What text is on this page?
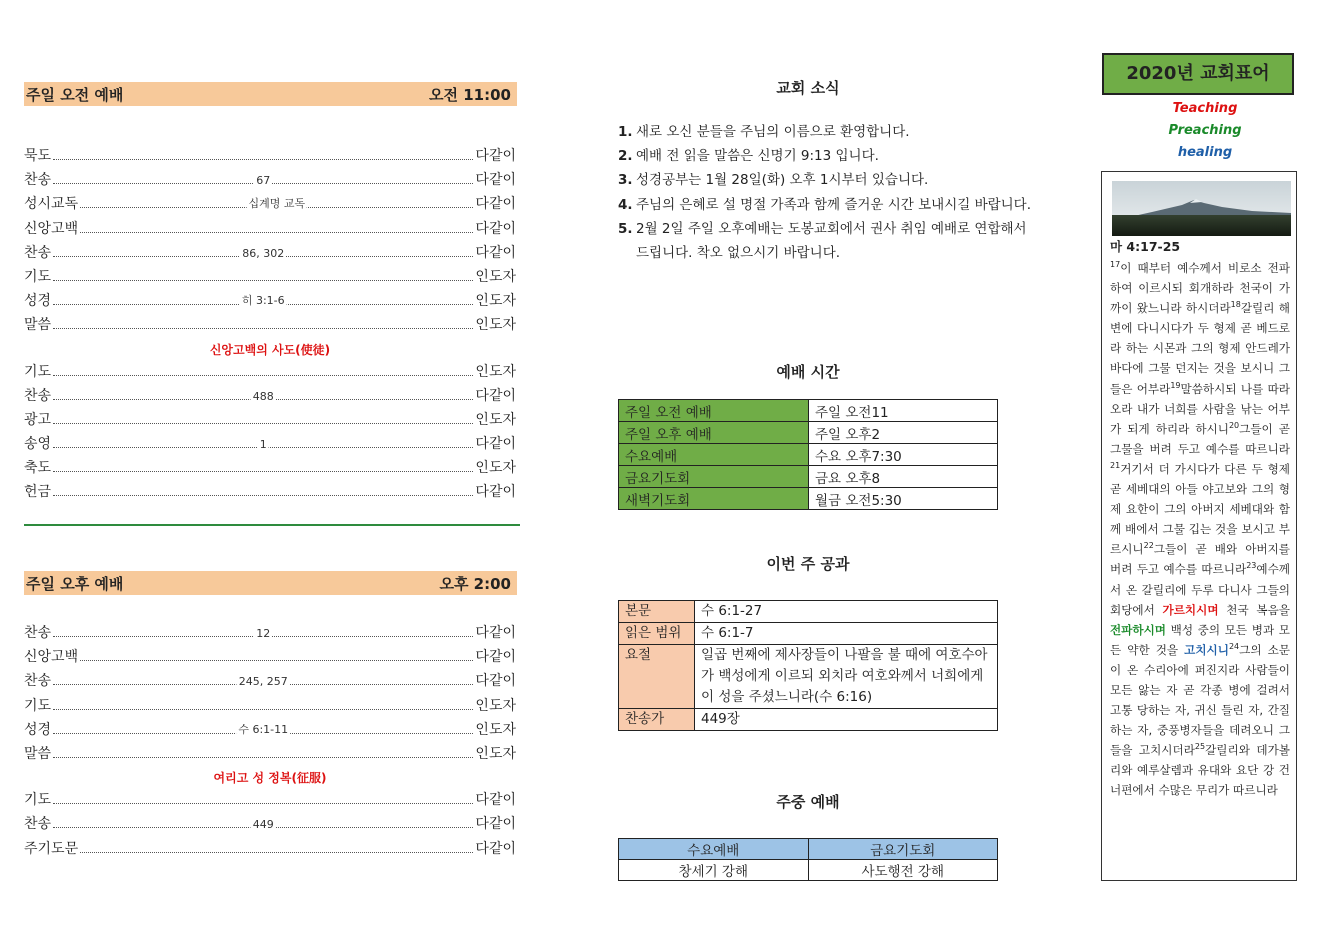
주일 오전 예배	오전 11:00
묵도	다같이
찬송	67	다같이
성시교독	십계명 교독	다같이
신앙고백	다같이
찬송	86, 302	다같이
기도	인도자
성경	히 3:1-6	인도자
말씀	인도자
신앙고백의 사도(使徒)
기도	인도자
찬송	488	다같이
광고	인도자
송영	1	다같이
축도	인도자
헌금	다같이
주일 오후 예배	오후 2:00
찬송	12	다같이
신앙고백	다같이
찬송	245, 257	다같이
기도	인도자
성경	수 6:1-11	인도자
말씀	인도자
여리고 성 정복(征服)
기도	다같이
찬송	449	다같이
주기도문	다같이
교회 소식
1. 새로 오신 분들을 주님의 이름으로 환영합니다.
2. 예배 전 읽을 말씀은 신명기 9:13 입니다.
3. 성경공부는 1월 28일(화) 오후 1시부터 있습니다.
4. 주님의 은혜로 설 명절 가족과 함께 즐거운 시간 보내시길 바랍니다.
5. 2월 2일 주일 오후예배는 도봉교회에서 권사 취임 예배로 연합해서 드립니다. 착오 없으시기 바랍니다.
예배 시간
주일 오전 예배	주일 오전11
주일 오후 예배	주일 오후2
수요예배	수요 오후7:30
금요기도회	금요 오후8
새벽기도회	월금 오전5:30
이번 주 공과
본문	수 6:1-27
읽은 범위	수 6:1-7
요절	일곱 번째에 제사장들이 나팔을 불 때에 여호수아가 백성에게 이르되 외치라 여호와께서 너희에게 이 성을 주셨느니라(수 6:16)
찬송가	449장
주중 예배
수요예배	금요기도회
창세기 강해	사도행전 강해
2020년 교회표어
Teaching
Preaching
healing
마 4:17-25
$^{17}$이 때부터 예수께서 비로소 전파하여 이르시되 회개하라 천국이 가까이 왔느니라 하시더라$^{18}$갈릴리 해변에 다니시다가 두 형제 곧 베드로라 하는 시몬과 그의 형제 안드레가 바다에 그물 던지는 것을 보시니 그들은 어부라$^{19}$말씀하시되 나를 따라오라 내가 너희를 사람을 낚는 어부가 되게 하리라 하시니$^{20}$그들이 곧 그물을 버려 두고 예수를 따르니라$^{21}$거기서 더 가시다가 다른 두 형제 곧 세베대의 아들 야고보와 그의 형제 요한이 그의 아버지 세베대와 함께 배에서 그물 깁는 것을 보시고 부르시니$^{22}$그들이 곧 배와 아버지를 버려 두고 예수를 따르니라$^{23}$예수께서 온 갈릴리에 두루 다니사 그들의 회당에서 가르치시며 천국 복음을 전파하시며 백성 중의 모든 병과 모든 약한 것을 고치시니$^{24}$그의 소문이 온 수리아에 퍼진지라 사람들이 모든 앓는 자 곧 각종 병에 걸려서 고통 당하는 자, 귀신 들린 자, 간질하는 자, 중풍병자들을 데려오니 그들을 고치시더라$^{25}$갈릴리와 데가볼리와 예루살렘과 유대와 요단 강 건너편에서 수많은 무리가 따르니라
